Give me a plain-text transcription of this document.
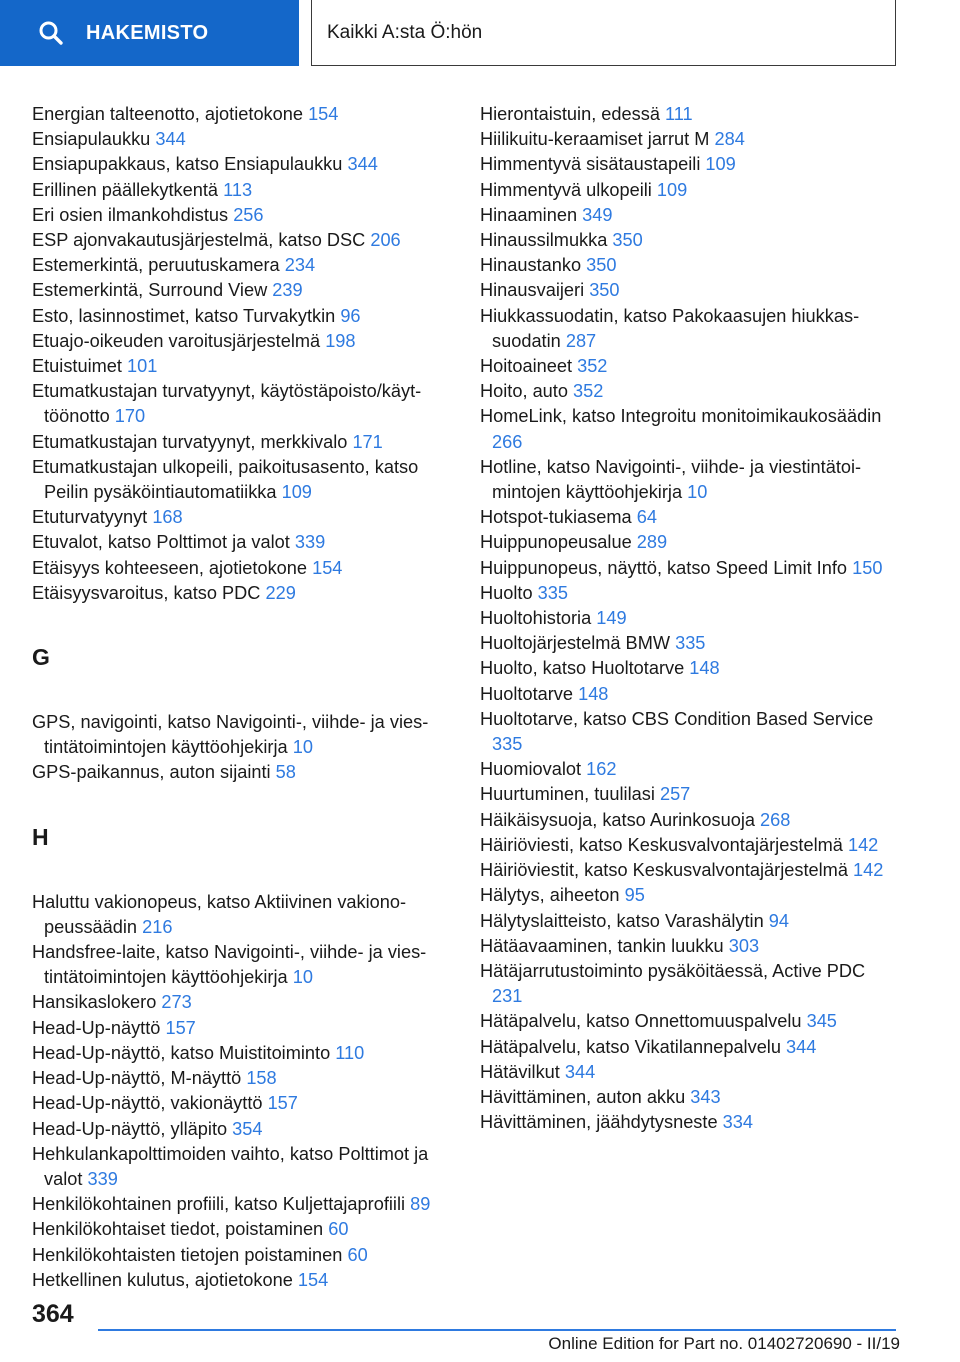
HAKEMISTO	Kaikki A:sta Ö:hön
Energian talteenotto, ajotietokone 154
Ensiapulaukku 344
Ensiapupakkaus, katso Ensiapulaukku 344
Erillinen päällekytkentä 113
Eri osien ilmankohdistus 256
ESP ajonvakautusjärjestelmä, katso DSC 206
Estemerkintä, peruutuskamera 234
Estemerkintä, Surround View 239
Esto, lasinnostimet, katso Turvakytkin 96
Etuajo-oikeuden varoitusjärjestelmä 198
Etuistuimet 101
Etumatkustajan turvatyynyt, käytöstäpoisto/käyttöönotto 170
Etumatkustajan turvatyynyt, merkkivalo 171
Etumatkustajan ulkopeili, paikoitusasento, katso Peilin pysäköintiautomatiikka 109
Etuturvatyynyt 168
Etuvalot, katso Polttimot ja valot 339
Etäisyys kohteeseen, ajotietokone 154
Etäisyysvaroitus, katso PDC 229
G
GPS, navigointi, katso Navigointi-, viihde- ja viestintätoimintojen käyttöohjekirja 10
GPS-paikannus, auton sijainti 58
H
Haluttu vakionopeus, katso Aktiivinen vakionopeussäädin 216
Handsfree-laite, katso Navigointi-, viihde- ja viestintätoimintojen käyttöohjekirja 10
Hansikaslokero 273
Head-Up-näyttö 157
Head-Up-näyttö, katso Muistitoiminto 110
Head-Up-näyttö, M-näyttö 158
Head-Up-näyttö, vakionäyttö 157
Head-Up-näyttö, ylläpito 354
Hehkulankapolttimoiden vaihto, katso Polttimot ja valot 339
Henkilökohtainen profiili, katso Kuljettajaprofiili 89
Henkilökohtaiset tiedot, poistaminen 60
Henkilökohtaisten tietojen poistaminen 60
Hetkellinen kulutus, ajotietokone 154
Hierontaistuin, edessä 111
Hiilikuitu-keraamiset jarrut M 284
Himmentyvä sisätaustapeili 109
Himmentyvä ulkopeili 109
Hinaaminen 349
Hinaussilmukka 350
Hinaustanko 350
Hinausvaijeri 350
Hiukkassuodatin, katso Pakokaasujen hiukkassuodatin 287
Hoitoaineet 352
Hoito, auto 352
HomeLink, katso Integroitu monitoimikaukosäädin 266
Hotline, katso Navigointi-, viihde- ja viestintätoimintojen käyttöohjekirja 10
Hotspot-tukiasema 64
Huippunopeusalue 289
Huippunopeus, näyttö, katso Speed Limit Info 150
Huolto 335
Huoltohistoria 149
Huoltojärjestelmä BMW 335
Huolto, katso Huoltotarve 148
Huoltotarve 148
Huoltotarve, katso CBS Condition Based Service 335
Huomiovalot 162
Huurtuminen, tuulilasi 257
Häikäisysuoja, katso Aurinkosuoja 268
Häiriöviesti, katso Keskusvalvontajärjestelmä 142
Häiriöviestit, katso Keskusvalvontajärjestelmä 142
Hälytys, aiheeton 95
Hälytyslaitteisto, katso Varashälytin 94
Hätäavaaminen, tankin luukku 303
Hätäjarrutustoiminto pysäköitäessä, Active PDC 231
Hätäpalvelu, katso Onnettomuuspalvelu 345
Hätäpalvelu, katso Vikatilannepalvelu 344
Hätävilkut 344
Hävittäminen, auton akku 343
Hävittäminen, jäähdytysneste 334
364
Online Edition for Part no. 01402720690 - II/19
